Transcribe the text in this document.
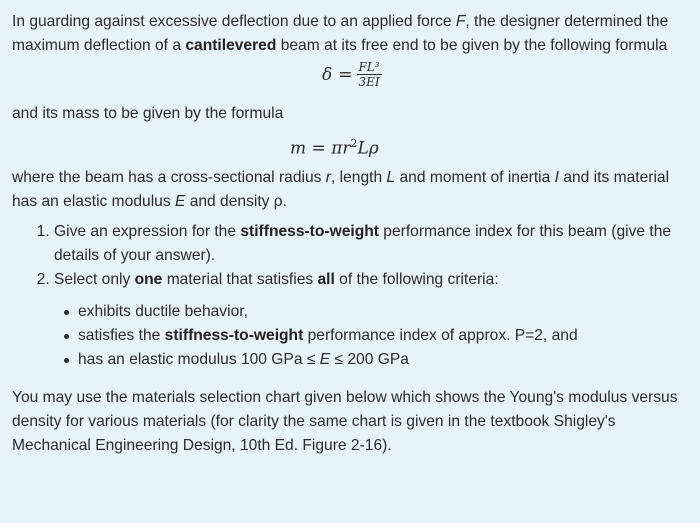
In guarding against excessive deflection due to an applied force F, the designer determined the maximum deflection of a cantilevered beam at its free end to be given by the following formula

$\delta = \frac{\text{FL³}}{3EI}$

and its mass to be given by the formula

$m = \pi r^2L\rho$

where the beam has a cross-sectional radius r, length L and moment of inertia I and its material has an elastic modulus E and density ρ.

1. Give an expression for the stiffness-to-weight performance index for this beam (give the details of your answer).
2. Select only one material that satisfies all of the following criteria:
exhibits ductile behavior,
satisfies the stiffness-to-weight performance index of approx. P=2, and
has an elastic modulus 100 GPa ≤ E ≤ 200 GPa

You may use the materials selection chart given below which shows the Young's modulus versus density for various materials (for clarity the same chart is given in the textbook Shigley's Mechanical Engineering Design, 10th Ed. Figure 2-16).
